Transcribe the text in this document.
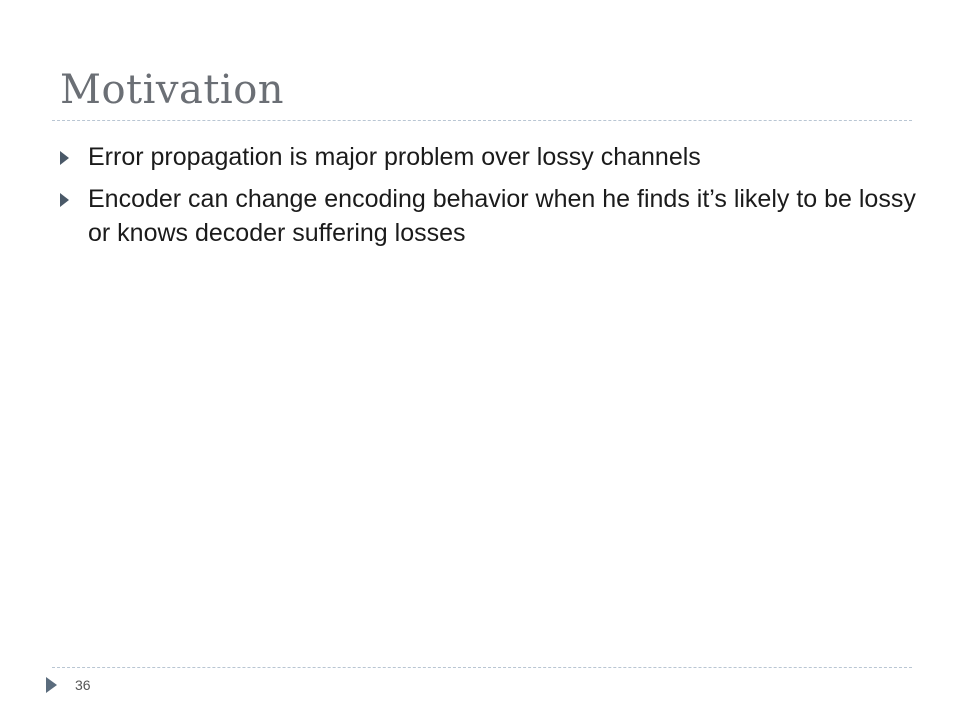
Motivation
Error propagation is major problem over lossy channels
Encoder can change encoding behavior when he finds it’s likely to be lossy or knows decoder suffering losses
36
